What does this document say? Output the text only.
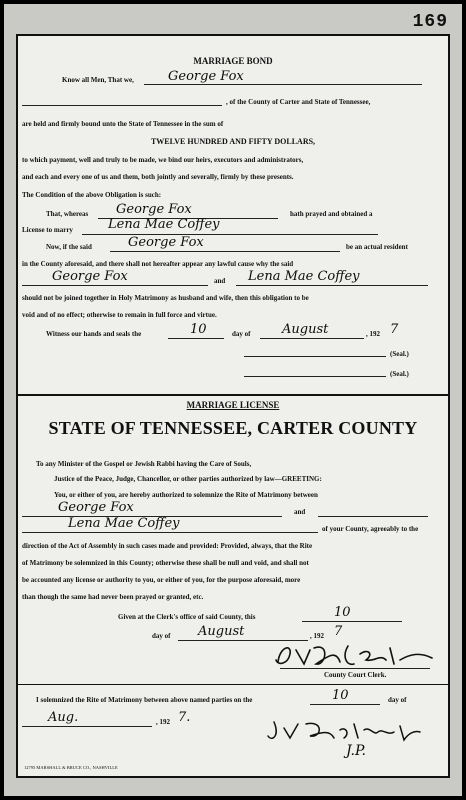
169
MARRIAGE BOND
Know all Men, That we,	George Fox
, of the County of Carter and State of Tennessee,
are held and firmly bound unto the State of Tennessee in the sum of
TWELVE HUNDRED AND FIFTY DOLLARS,
to which payment, well and truly to be made, we bind our heirs, executors and administrators,
and each and every one of us and them, both jointly and severally, firmly by these presents.
The Condition of the above Obligation is such:
That, whereas George Fox	hath prayed and obtained a
License to marry	Lena Mae Coffey
Now, if the said	George Fox	be an actual resident
in the County aforesaid, and there shall not hereafter appear any lawful cause why the said
George Fox	and Lena Mae Coffey
should not be joined together in Holy Matrimony as husband and wife, then this obligation to be
void and of no effect; otherwise to remain in full force and virtue.
Witness our hands and seals the	10	day of August	, 192 7
(Seal.)
(Seal.)
MARRIAGE LICENSE
STATE OF TENNESSEE, CARTER COUNTY
To any Minister of the Gospel or Jewish Rabbi having the Care of Souls,
Justice of the Peace, Judge, Chancellor, or other parties authorized by law—GREETING:
You, or either of you, are hereby authorized to solemnize the Rite of Matrimony between
George Fox	and
Lena Mae Coffey	of your County, agreeably to the
direction of the Act of Assembly in such cases made and provided: Provided, always, that the Rite
of Matrimony be solemnized in this County; otherwise these shall be null and void, and shall not
be accounted any license or authority to you, or either of you, for the purpose aforesaid, more
than though the same had never been prayed or granted, etc.
Given at the Clerk's office of said County, this	10
day of August	, 192 7
County Court Clerk.
I solemnized the Rite of Matrimony between above named parties on the	10	day of
Aug.	, 192 7.
J.P.
12795 MARSHALL & BRUCE CO., NASHVILLE
